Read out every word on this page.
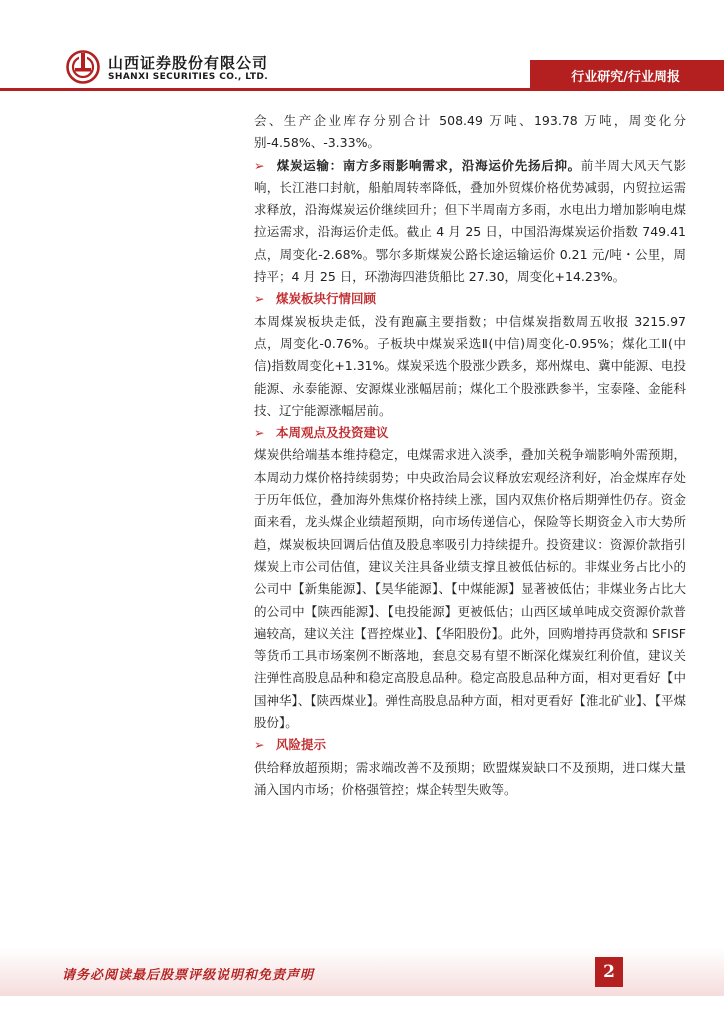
山西证券股份有限公司
SHANXI SECURITIES CO., LTD.	行业研究/行业周报

会、生产企业库存分别合计 508.49 万吨、193.78 万吨，周变化分别-4.58%、-3.33%。

➢ 煤炭运输：南方多雨影响需求，沿海运价先扬后抑。前半周大风天气影响，长江港口封航，船舶周转率降低，叠加外贸煤价格优势减弱，内贸拉运需求释放，沿海煤炭运价继续回升；但下半周南方多雨，水电出力增加影响电煤拉运需求，沿海运价走低。截止 4 月 25 日，中国沿海煤炭运价指数 749.41 点，周变化-2.68%。鄂尔多斯煤炭公路长途运输运价 0.21 元/吨・公里，周持平；4 月 25 日，环渤海四港货船比 27.30，周变化+14.23%。

➢ 煤炭板块行情回顾

本周煤炭板块走低，没有跑赢主要指数；中信煤炭指数周五收报 3215.97 点，周变化-0.76%。子板块中煤炭采选Ⅱ(中信)周变化-0.95%；煤化工Ⅱ(中信)指数周变化+1.31%。煤炭采选个股涨少跌多，郑州煤电、冀中能源、电投能源、永泰能源、安源煤业涨幅居前；煤化工个股涨跌参半，宝泰隆、金能科技、辽宁能源涨幅居前。

➢ 本周观点及投资建议

煤炭供给端基本维持稳定，电煤需求进入淡季，叠加关税争端影响外需预期，本周动力煤价格持续弱势；中央政治局会议释放宏观经济利好，冶金煤库存处于历年低位，叠加海外焦煤价格持续上涨，国内双焦价格后期弹性仍存。资金面来看，龙头煤企业绩超预期，向市场传递信心，保险等长期资金入市大势所趋，煤炭板块回调后估值及股息率吸引力持续提升。投资建议：资源价款指引煤炭上市公司估值，建议关注具备业绩支撑且被低估标的。非煤业务占比小的公司中【新集能源】、【昊华能源】、【中煤能源】显著被低估；非煤业务占比大的公司中【陕西能源】、【电投能源】更被低估；山西区域单吨成交资源价款普遍较高，建议关注【晋控煤业】、【华阳股份】。此外，回购增持再贷款和 SFISF 等货币工具市场案例不断落地，套息交易有望不断深化煤炭红利价值，建议关注弹性高股息品种和稳定高股息品种。稳定高股息品种方面，相对更看好【中国神华】、【陕西煤业】。弹性高股息品种方面，相对更看好【淮北矿业】、【平煤股份】。

➢ 风险提示

供给释放超预期；需求端改善不及预期；欧盟煤炭缺口不及预期，进口煤大量涌入国内市场；价格强管控；煤企转型失败等。

请务必阅读最后股票评级说明和免责声明	2
